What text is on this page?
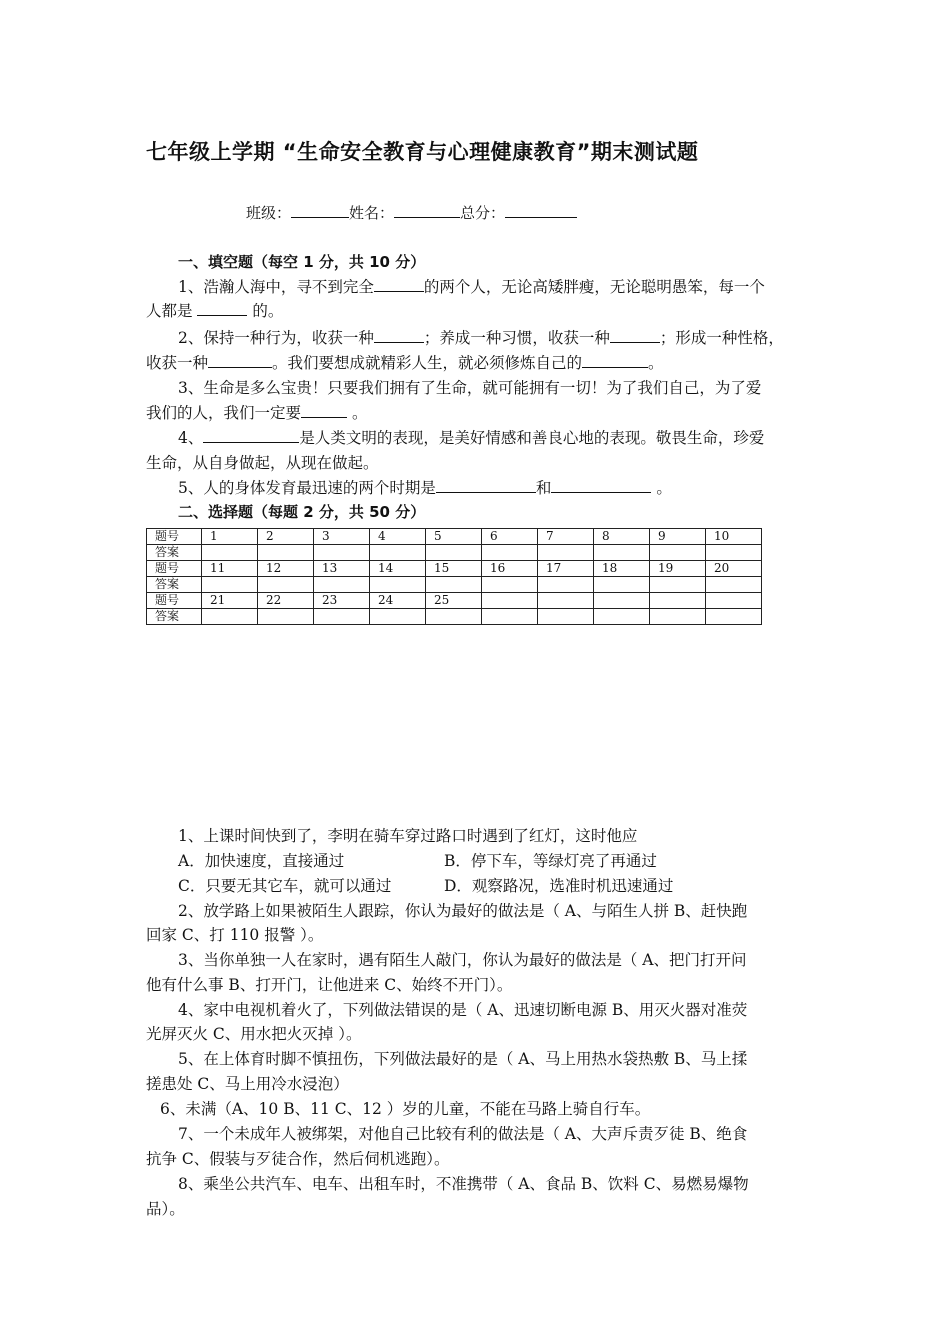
七年级上学期 “生命安全教育与心理健康教育”期末测试题
班级：	姓名：	总分：
一、填空题（每空 1 分，共 10 分）
1、浩瀚人海中，寻不到完全	的两个人，无论高矮胖瘦，无论聪明愚笨，每一个
人都是	的。
2、保持一种行为，收获一种	；养成一种习惯，收获一种	；形成一种性格，
收获一种	。我们要想成就精彩人生，就必须修炼自己的	。
3、生命是多么宝贵！只要我们拥有了生命，就可能拥有一切！为了我们自己，为了爱
我们的人，我们一定要	。
4、	是人类文明的表现，是美好情感和善良心地的表现。敬畏生命，珍爱
生命，从自身做起，从现在做起。
5、人的身体发育最迅速的两个时期是	和	。
二、选择题（每题 2 分，共 50 分）
题号	1	2	3	4	5	6	7	8	9	10
答案										
题号	11	12	13	14	15	16	17	18	19	20
答案										
题号	21	22	23	24	25					
答案										
1、上课时间快到了，李明在骑车穿过路口时遇到了红灯，这时他应
A．加快速度，直接通过	B．停下车，等绿灯亮了再通过
C．只要无其它车，就可以通过	D．观察路况，选准时机迅速通过
2、放学路上如果被陌生人跟踪，你认为最好的做法是（ A、与陌生人拼 B、赶快跑
回家 C、打 110 报警 ）。
3、当你单独一人在家时，遇有陌生人敲门，你认为最好的做法是（ A、把门打开问
他有什么事 B、打开门，让他进来 C、始终不开门）。
4、家中电视机着火了，下列做法错误的是（ A、迅速切断电源 B、用灭火器对准荧
光屏灭火 C、用水把火灭掉 ）。
5、在上体育时脚不慎扭伤，下列做法最好的是（ A、马上用热水袋热敷 B、马上揉
搓患处 C、马上用冷水浸泡）
6、未满（A、10 B、11 C、12 ）岁的儿童，不能在马路上骑自行车。
7、一个未成年人被绑架，对他自己比较有利的做法是（ A、大声斥责歹徒 B、绝食
抗争 C、假装与歹徒合作，然后伺机逃跑）。
8、乘坐公共汽车、电车、出租车时，不准携带（ A、食品 B、饮料 C、易燃易爆物
品）。
